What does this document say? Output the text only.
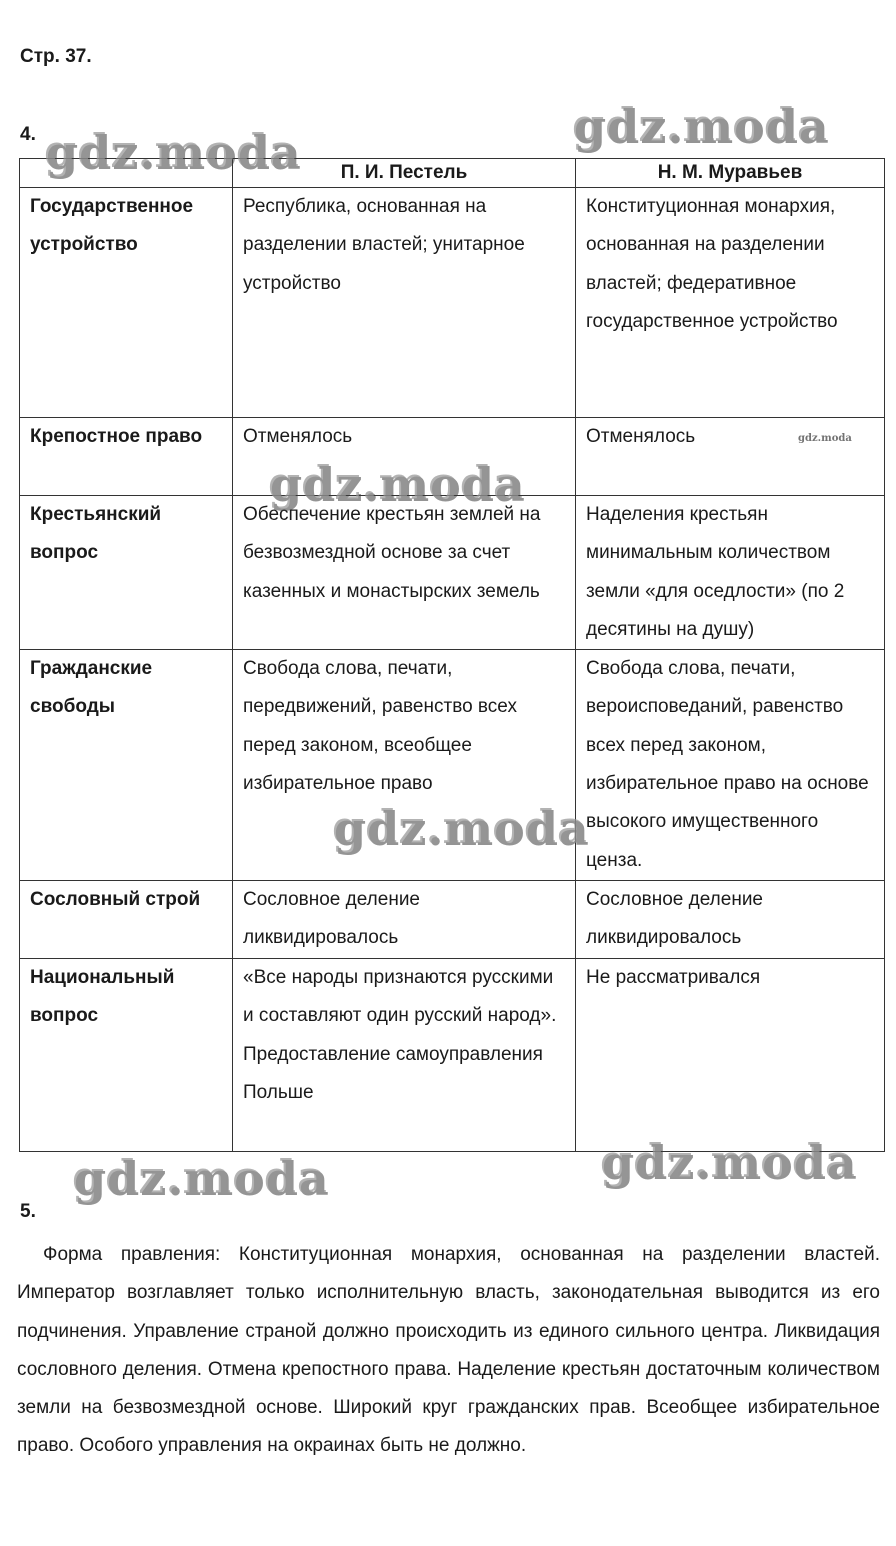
Стр. 37.
4.
	П. И. Пестель	Н. М. Муравьев
Государственное устройство	Республика, основанная на разделении властей; унитарное устройство	Конституционная монархия, основанная на разделении властей; федеративное государственное устройство
Крепостное право	Отменялось	Отменялось
Крестьянский вопрос	Обеспечение крестьян землей на безвозмездной основе за счет казенных и монастырских земель	Наделения крестьян минимальным количеством земли «для оседлости» (по 2 десятины на душу)
Гражданские свободы	Свобода слова, печати, передвижений, равенство всех перед законом, всеобщее избирательное право	Свобода слова, печати, вероисповеданий, равенство всех перед законом, избирательное право на основе высокого имущественного ценза.
Сословный строй	Сословное деление ликвидировалось	Сословное деление ликвидировалось
Национальный вопрос	«Все народы признаются русскими и составляют один русский народ». Предоставление самоуправления Польше	Не рассматривался
5.

Форма правления: Конституционная монархия, основанная на разделении властей. Император возглавляет только исполнительную власть, законодательная выводится из его подчинения. Управление страной должно происходить из единого сильного центра. Ликвидация сословного деления. Отмена крепостного права. Наделение крестьян достаточным количеством земли на безвозмездной основе. Широкий круг гражданских прав. Всеобщее избирательное право. Особого управления на окраинах быть не должно.

gdz.moda	gdz.moda
gdz.moda
gdz.moda
gdz.moda	gdz.moda
gdz.moda
